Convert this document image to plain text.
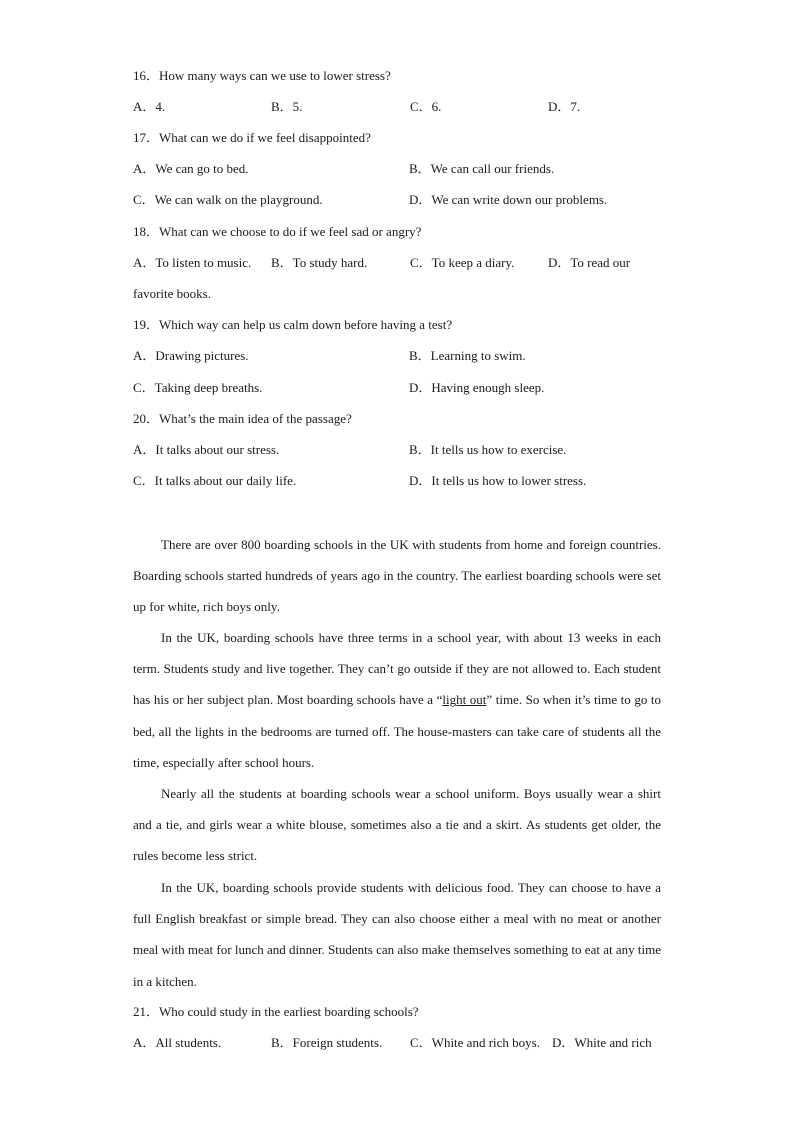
16．How many ways can we use to lower stress?
A．4.	B．5.	C．6.	D．7.
17．What can we do if we feel disappointed?
A．We can go to bed.	B．We can call our friends.
C．We can walk on the playground.	D．We can write down our problems.
18．What can we choose to do if we feel sad or angry?
A．To listen to music. B．To study hard.	C．To keep a diary.	D．To read our
favorite books.
19．Which way can help us calm down before having a test?
A．Drawing pictures.	B．Learning to swim.
C．Taking deep breaths.	D．Having enough sleep.
20．What’s the main idea of the passage?
A．It talks about our stress.	B．It tells us how to exercise.
C．It talks about our daily life.	D．It tells us how to lower stress.
There are over 800 boarding schools in the UK with students from home and foreign countries. Boarding schools started hundreds of years ago in the country. The earliest boarding schools were set up for white, rich boys only.
In the UK, boarding schools have three terms in a school year, with about 13 weeks in each term. Students study and live together. They can’t go outside if they are not allowed to. Each student has his or her subject plan. Most boarding schools have a “light out” time. So when it’s time to go to bed, all the lights in the bedrooms are turned off. The house-masters can take care of students all the time, especially after school hours.
Nearly all the students at boarding schools wear a school uniform. Boys usually wear a shirt and a tie, and girls wear a white blouse, sometimes also a tie and a skirt. As students get older, the rules become less strict.
In the UK, boarding schools provide students with delicious food. They can choose to have a full English breakfast or simple bread. They can also choose either a meal with no meat or another meal with meat for lunch and dinner. Students can also make themselves something to eat at any time in a kitchen.
21．Who could study in the earliest boarding schools?
A．All students.	B．Foreign students. C．White and rich boys. D．White and rich
